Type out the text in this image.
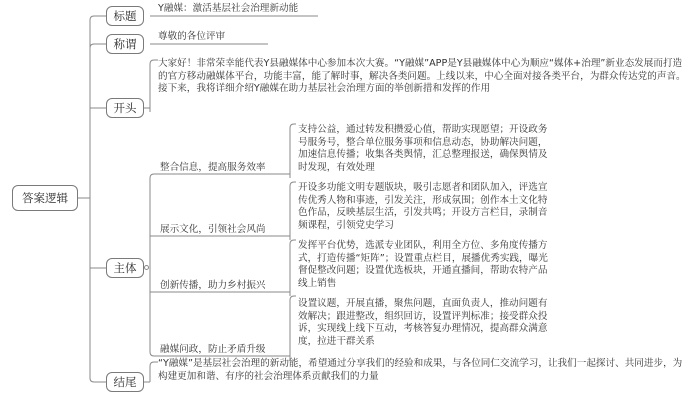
答案逻辑
标题
Y融媒：激活基层社会治理新动能
称谓
尊敬的各位评审
开头

大家好！非常荣幸能代表Y县融媒体中心参加本次大赛。“Y融媒”APP是Y县融媒体中心为顺应“媒体+治理”新业态发展而打造的官方移动融媒体平台，功能丰富，能了解时事，解决各类问题。上线以来，中心全面对接各类平台，为群众传达党的声音。接下来，我将详细介绍Y融媒在助力基层社会治理方面的举创新措和发挥的作用

主体
整合信息，提高服务效率

支持公益，通过转发积攒爱心值，帮助实现愿望；开设政务号服务号，整合单位服务事项和信息动态，协助解决问题，加速信息传播；收集各类舆情，汇总整理报送，确保舆情及时发现，有效处理

展示文化，引领社会风尚

开设多功能文明专题版块，吸引志愿者和团队加入，评选宣传优秀人物和事迹，引发关注，形成氛围；创作本土文化特色作品，反映基层生活，引发共鸣；开设方言栏目，录制音频课程，引领党史学习

创新传播，助力乡村振兴

发挥平台优势，选派专业团队，利用全方位、多角度传播方式，打造传播“矩阵”；设置重点栏目，展播优秀实践，曝光督促整改问题；设置优选板块，开通直播间，帮助农特产品线上销售

融媒问政，防止矛盾升级

设置议题，开展直播，聚焦问题，直面负责人，推动问题有效解决；跟进整改，组织回访，设置评判标准；接受群众投诉，实现线上线下互动，考核答复办理情况，提高群众满意度，拉进干群关系

结尾

“Y融媒”是基层社会治理的新动能，希望通过分享我们的经验和成果，与各位同仁交流学习，让我们一起探讨、共同进步，为构建更加和谐、有序的社会治理体系贡献我们的力量
